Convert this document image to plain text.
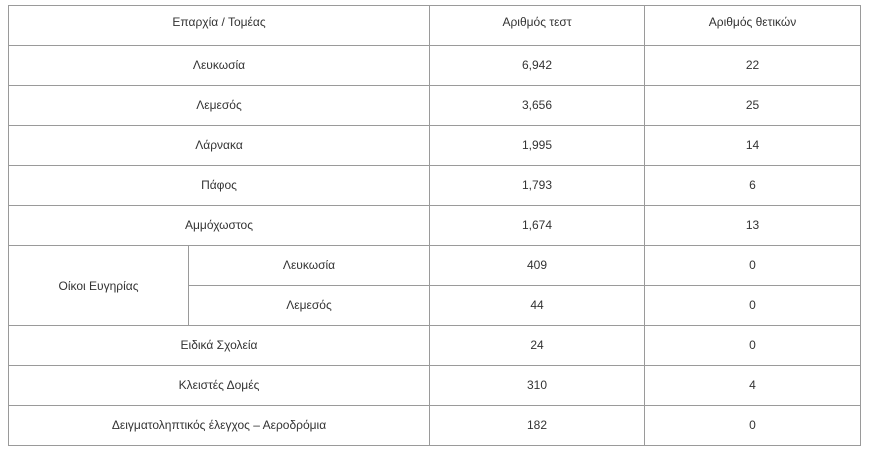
Επαρχία / Τομέας		Αριθμός τεστ	Αριθμός θετικών
Λευκωσία		6,942	22
Λεμεσός		3,656	25
Λάρνακα		1,995	14
Πάφος		1,793	6
Αμμόχωστος		1,674	13
Οίκοι Ευγηρίας	Λευκωσία	409	0
	Λεμεσός	44	0
Ειδικά Σχολεία		24	0
Κλειστές Δομές		310	4
Δειγματοληπτικός έλεγχος – Αεροδρόμια		182	0
